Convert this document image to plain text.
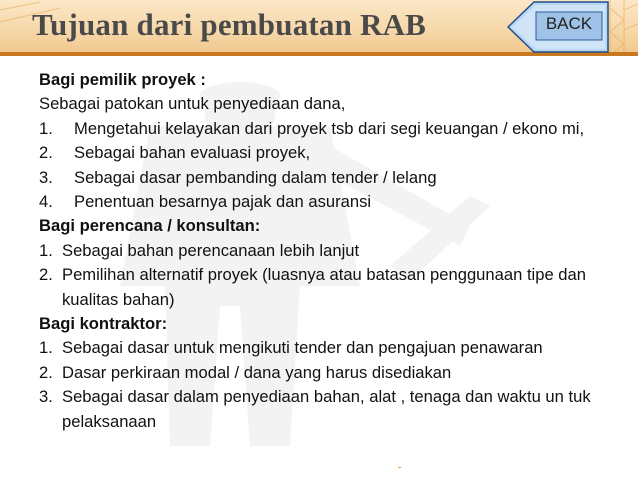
Tujuan dari pembuatan RAB	BACK
Bagi pemilik proyek :
Sebagai patokan untuk penyediaan dana,
1. Mengetahui kelayakan dari proyek tsb dari segi keuangan / ekono mi,
2. Sebagai bahan evaluasi proyek,
3. Sebagai dasar pembanding dalam tender / lelang
4. Penentuan besarnya pajak dan asuransi
Bagi perencana / konsultan:
1. Sebagai bahan perencanaan lebih lanjut
2. Pemilihan alternatif proyek (luasnya atau batasan penggunaan tipe dan kualitas bahan)
Bagi kontraktor:
1. Sebagai dasar untuk mengikuti tender dan pengajuan penawaran
2. Dasar perkiraan modal / dana yang harus disediakan
3. Sebagai dasar dalam penyediaan bahan, alat , tenaga dan waktu un tuk pelaksanaan
